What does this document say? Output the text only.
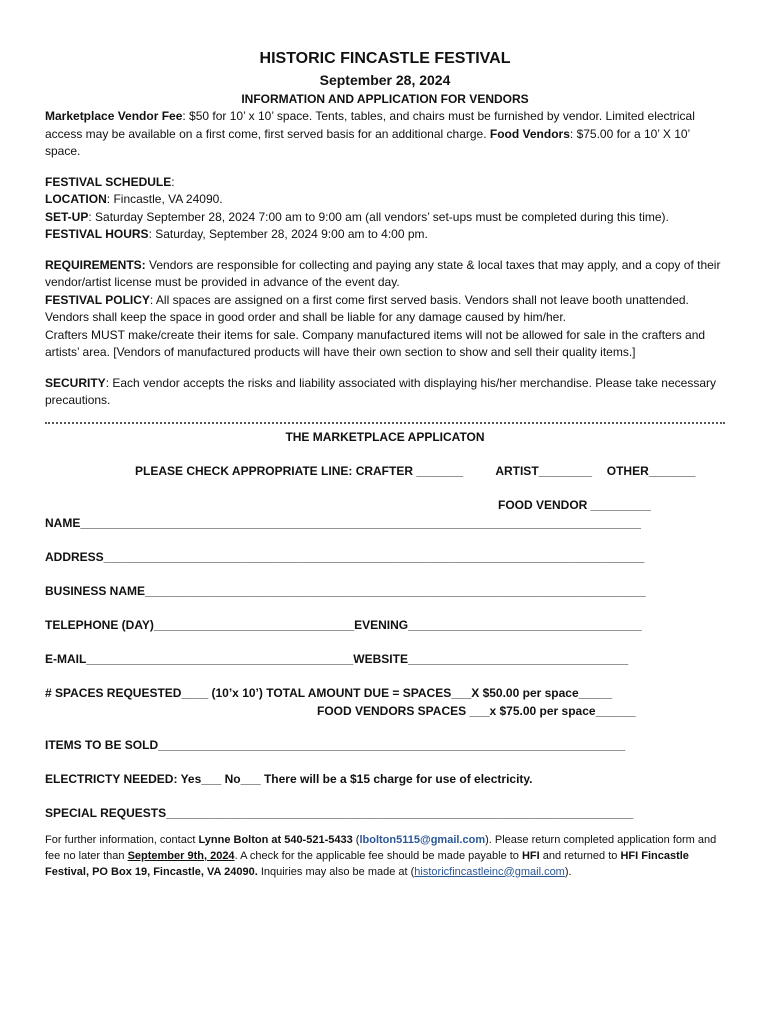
HISTORIC FINCASTLE FESTIVAL
September 28, 2024
INFORMATION AND APPLICATION FOR VENDORS

Marketplace Vendor Fee: $50 for 10’ x 10’ space. Tents, tables, and chairs must be furnished by vendor. Limited electrical access may be available on a first come, first served basis for an additional charge. Food Vendors: $75.00 for a 10’ X 10’ space.

FESTIVAL SCHEDULE:

LOCATION: Fincastle, VA 24090.

SET-UP: Saturday September 28, 2024 7:00 am to 9:00 am (all vendors’ set-ups must be completed during this time).

FESTIVAL HOURS: Saturday, September 28, 2024 9:00 am to 4:00 pm.

REQUIREMENTS: Vendors are responsible for collecting and paying any state & local taxes that may apply, and a copy of their vendor/artist license must be provided in advance of the event day.

FESTIVAL POLICY: All spaces are assigned on a first come first served basis. Vendors shall not leave booth unattended. Vendors shall keep the space in good order and shall be liable for any damage caused by him/her.

Crafters MUST make/create their items for sale. Company manufactured items will not be allowed for sale in the crafters and artists’ area. [Vendors of manufactured products will have their own section to show and sell their quality items.]

SECURITY: Each vendor accepts the risks and liability associated with displaying his/her merchandise. Please take necessary precautions.

THE MARKETPLACE APPLICATON
PLEASE CHECK APPROPRIATE LINE: CRAFTER _______	ARTIST________ OTHER_______
FOOD VENDOR _________
NAME____________________________________________________________________________________
ADDRESS_________________________________________________________________________________
BUSINESS NAME___________________________________________________________________________
TELEPHONE (DAY)______________________________EVENING___________________________________
E-MAIL________________________________________WEBSITE_________________________________
# SPACES REQUESTED____ (10’x 10’) TOTAL AMOUNT DUE = SPACES___X $50.00 per space_____
FOOD VENDORS SPACES ___x $75.00 per space______
ITEMS TO BE SOLD______________________________________________________________________
ELECTRICTY NEEDED: Yes___ No___ There will be a $15 charge for use of electricity.
SPECIAL REQUESTS______________________________________________________________________

For further information, contact Lynne Bolton at 540-521-5433 (lbolton5115@gmail.com). Please return completed application form and fee no later than September 9th, 2024. A check for the applicable fee should be made payable to HFI and returned to HFI Fincastle Festival, PO Box 19, Fincastle, VA 24090. Inquiries may also be made at (historicfincastleinc@gmail.com).
